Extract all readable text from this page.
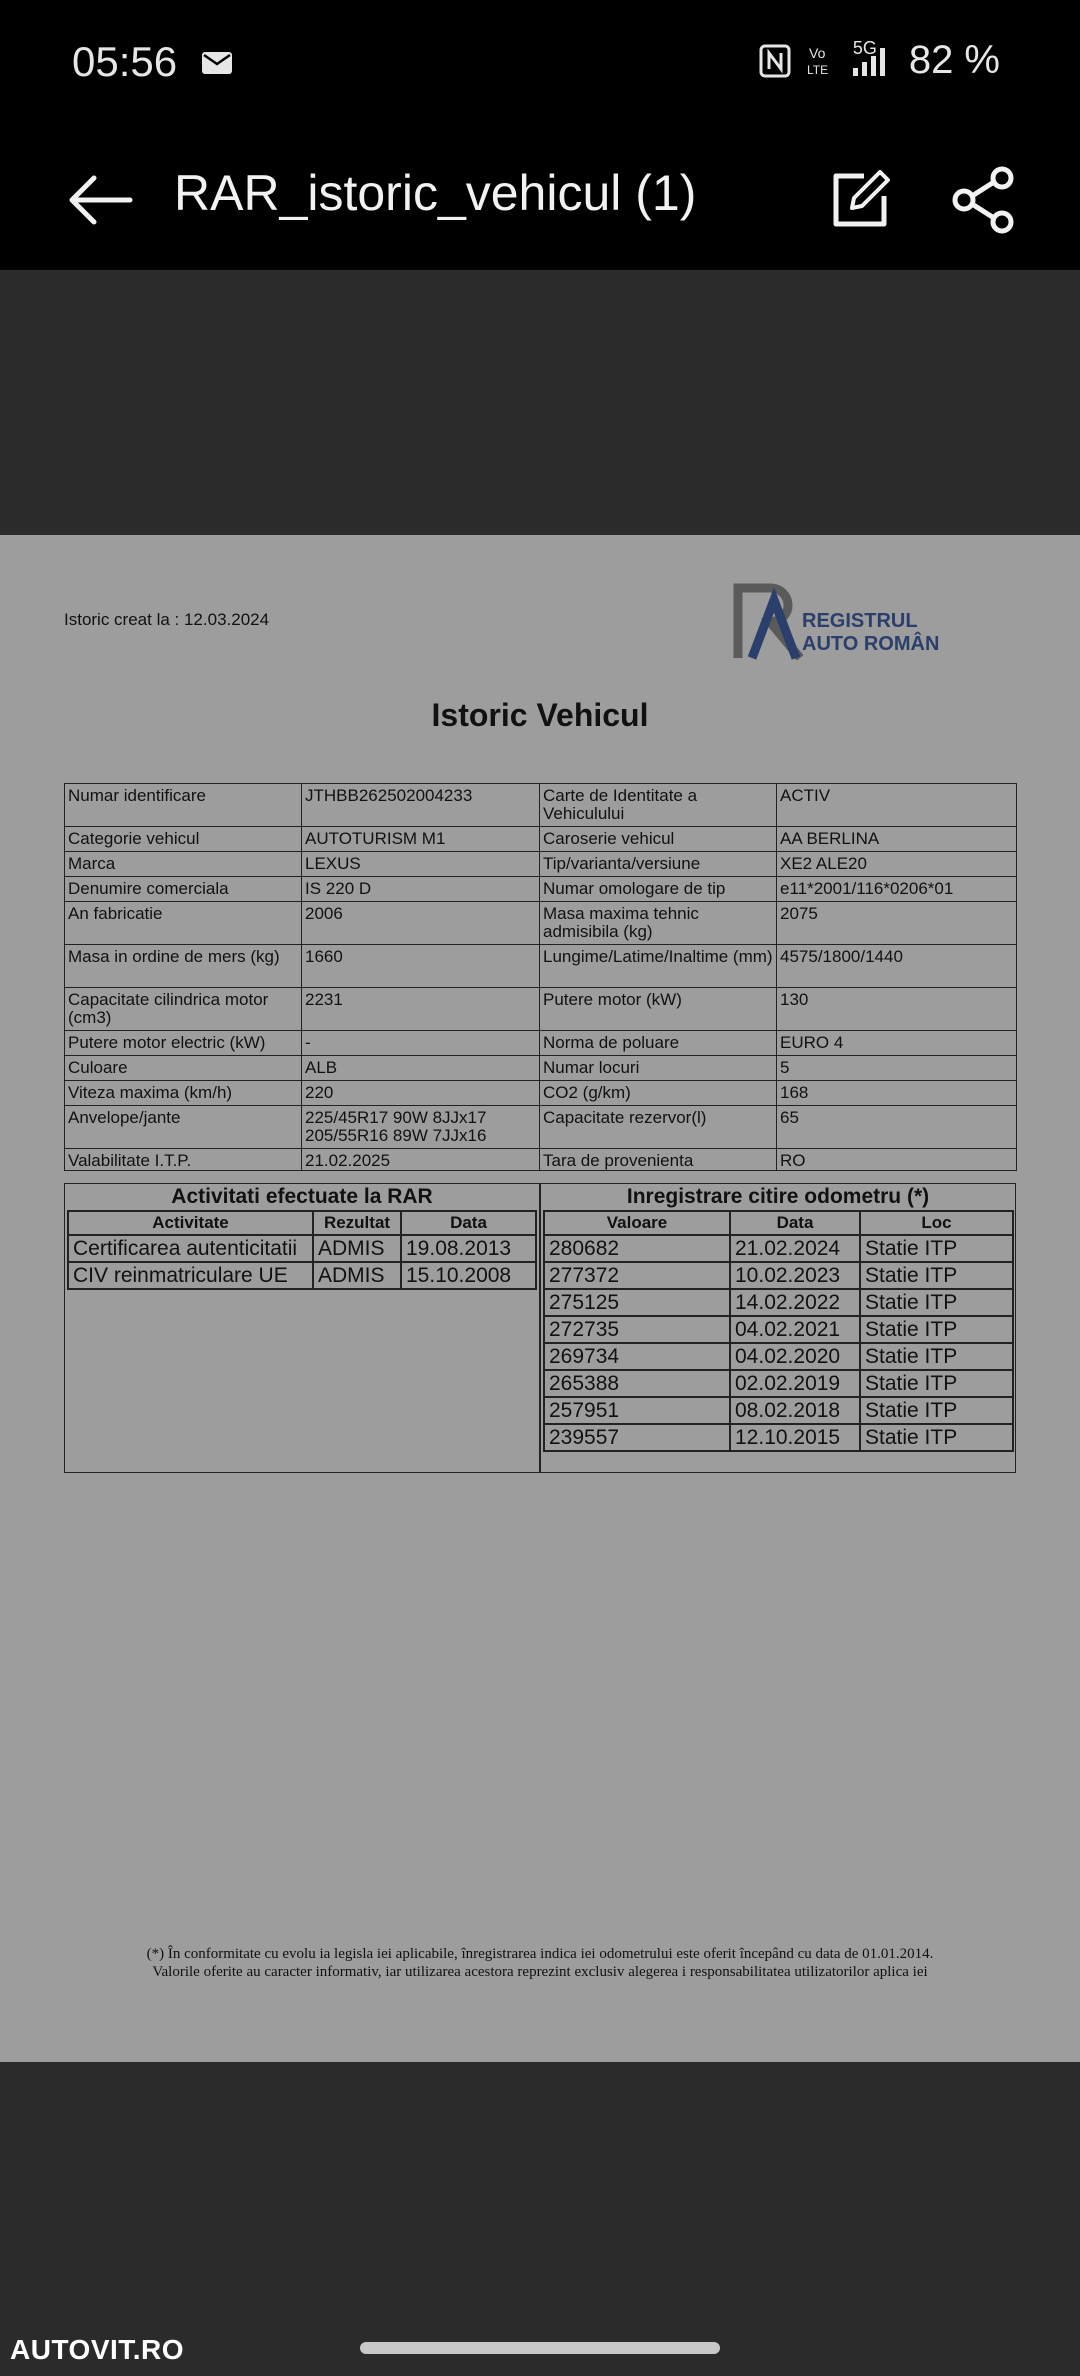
05:56	Vo
LTE
5G 82 %
RAR_istoric_vehicul (1)
Istoric creat la : 12.03.2024	REGISTRUL
AUTO ROMÂN
Istoric Vehicul
Numar identificare	JTHBB262502004233	Carte de Identitate a Vehiculului	ACTIV
Categorie vehicul	AUTOTURISM M1	Caroserie vehicul	AA BERLINA
Marca	LEXUS	Tip/varianta/versiune	XE2 ALE20
Denumire comerciala	IS 220 D	Numar omologare de tip	e11*2001/116*0206*01
An fabricatie	2006	Masa maxima tehnic admisibila (kg)	2075
Masa in ordine de mers (kg)	1660	Lungime/Latime/Inaltime (mm)	4575/1800/1440
Capacitate cilindrica motor (cm3)	2231	Putere motor (kW)	130
Putere motor electric (kW)	-	Norma de poluare	EURO 4
Culoare	ALB	Numar locuri	5
Viteza maxima (km/h)	220	CO2 (g/km)	168
Anvelope/jante	225/45R17 90W 8JJx17 205/55R16 89W 7JJx16	Capacitate rezervor(l)	65
Valabilitate I.T.P.	21.02.2025	Tara de provenienta	RO
Activitati efectuate la RAR
Activitate	Rezultat	Data
Certificarea autenticitatii	ADMIS	19.08.2013
CIV reinmatriculare UE	ADMIS	15.10.2008
Inregistrare citire odometru (*)
Valoare	Data	Loc
280682	21.02.2024	Statie ITP
277372	10.02.2023	Statie ITP
275125	14.02.2022	Statie ITP
272735	04.02.2021	Statie ITP
269734	04.02.2020	Statie ITP
265388	02.02.2019	Statie ITP
257951	08.02.2018	Statie ITP
239557	12.10.2015	Statie ITP
(*) În conformitate cu evolu ia legisla iei aplicabile, înregistrarea indica iei odometrului este oferit începând cu data de 01.01.2014.
Valorile oferite au caracter informativ, iar utilizarea acestora reprezint exclusiv alegerea i responsabilitatea utilizatorilor aplica iei
AUTOVIT.RO
